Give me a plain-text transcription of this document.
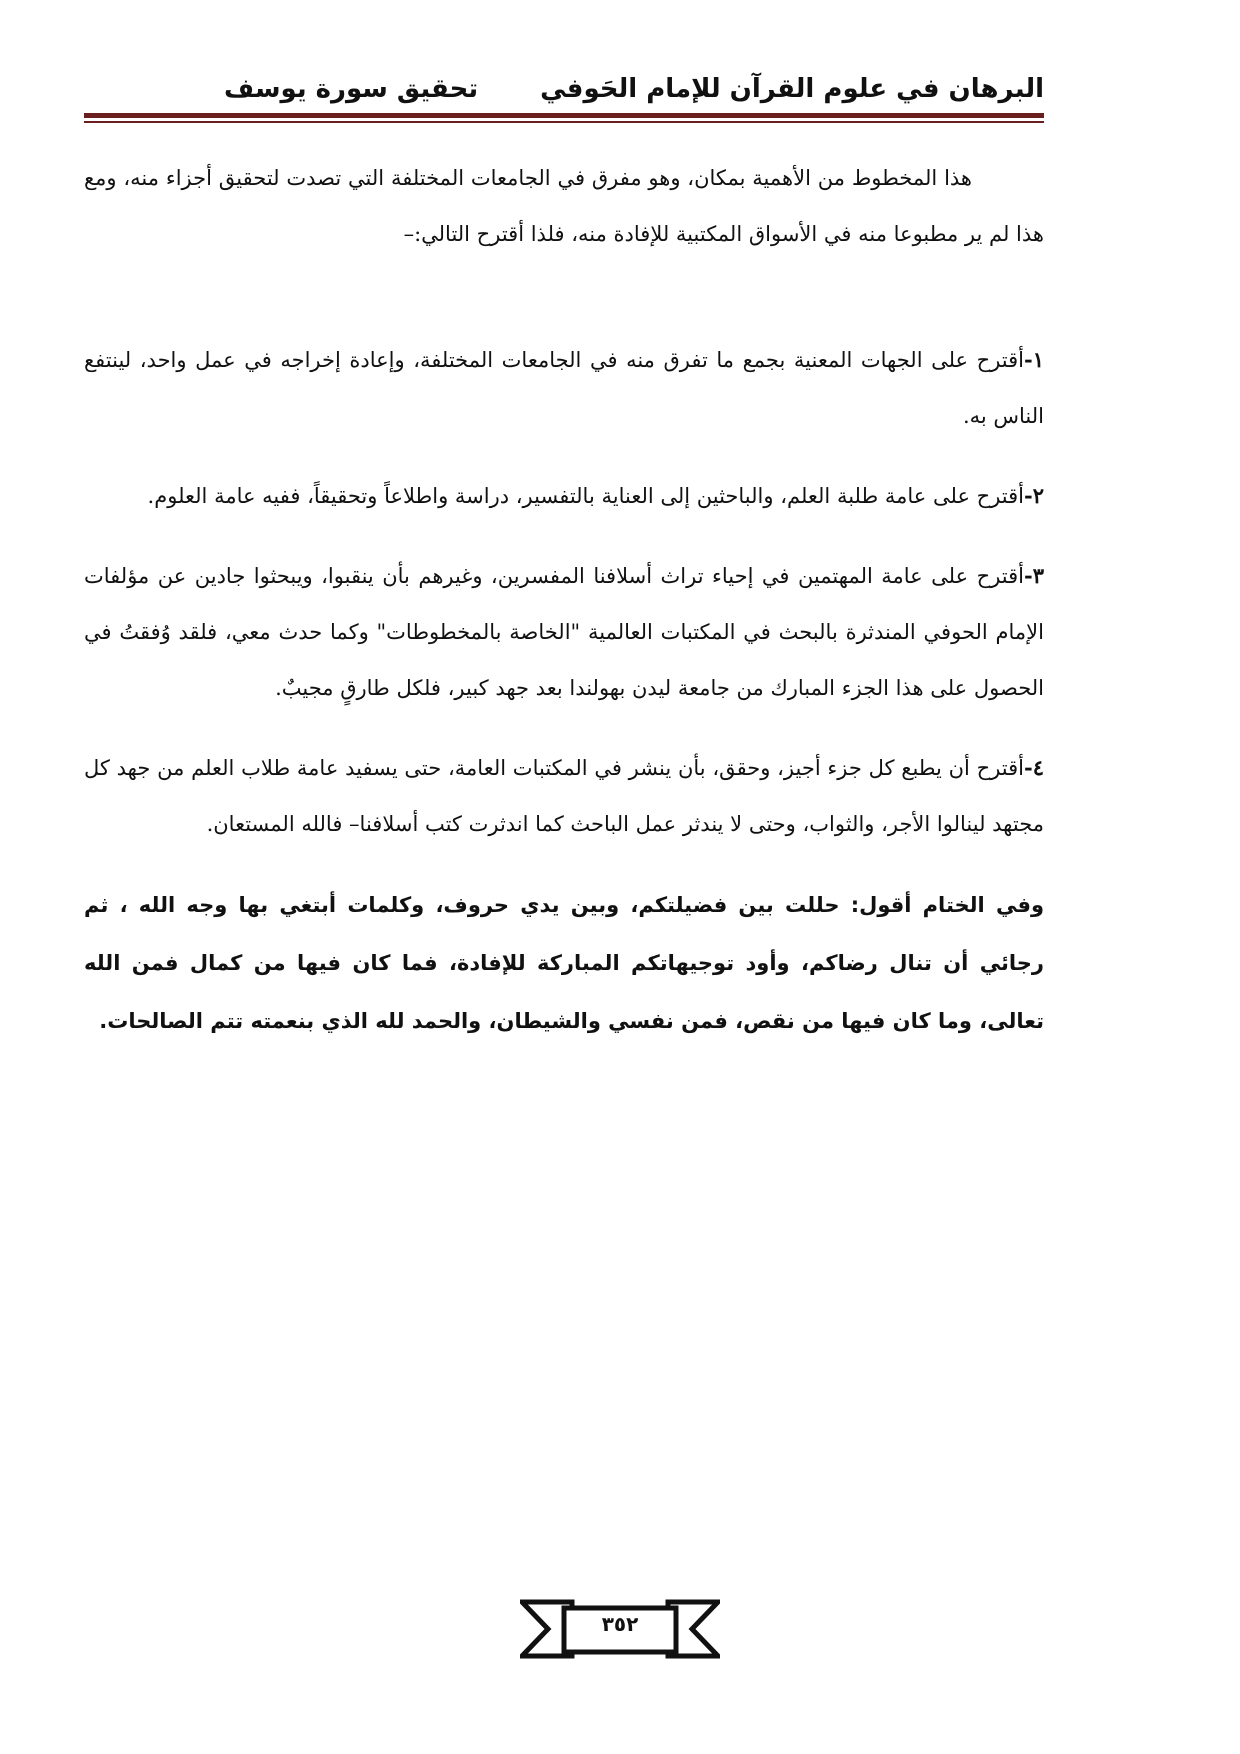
البرهان في علوم القرآن للإمام الحَوفي
تحقيق سورة يوسف

هذا المخطوط من الأهمية بمكان، وهو مفرق في الجامعات المختلفة التي تصدت لتحقيق أجزاء منه، ومع هذا لم ير مطبوعا منه في الأسواق المكتبية للإفادة منه، فلذا أقترح التالي:–

١-أقترح على الجهات المعنية بجمع ما تفرق منه في الجامعات المختلفة، وإعادة إخراجه في عمل واحد، لينتفع الناس به.

٢-أقترح على عامة طلبة العلم، والباحثين إلى العناية بالتفسير، دراسة واطلاعاً وتحقيقاً، ففيه عامة العلوم.

٣-أقترح على عامة المهتمين في إحياء تراث أسلافنا المفسرين، وغيرهم بأن ينقبوا، ويبحثوا جادين عن مؤلفات الإمام الحوفي المندثرة بالبحث في المكتبات العالمية "الخاصة بالمخطوطات" وكما حدث معي، فلقد وُفقتُ في الحصول على هذا الجزء المبارك من جامعة ليدن بهولندا بعد جهد كبير، فلكل طارقٍ مجيبٌ.

٤-أقترح أن يطبع كل جزء أجيز، وحقق، بأن ينشر في المكتبات العامة، حتى يسفيد عامة طلاب العلم من جهد كل مجتهد لينالوا الأجر، والثواب، وحتى لا يندثر عمل الباحث كما اندثرت كتب أسلافنا– فالله المستعان.

وفي الختام أقول: حللت بين فضيلتكم، وبين يدي حروف، وكلمات أبتغي بها وجه الله ، ثم رجائي أن تنال رضاكم، وأود توجيهاتكم المباركة للإفادة، فما كان فيها من كمال فمن الله تعالى، وما كان فيها من نقص، فمن نفسي والشيطان، والحمد لله الذي بنعمته تتم الصالحات.

٣٥٢
